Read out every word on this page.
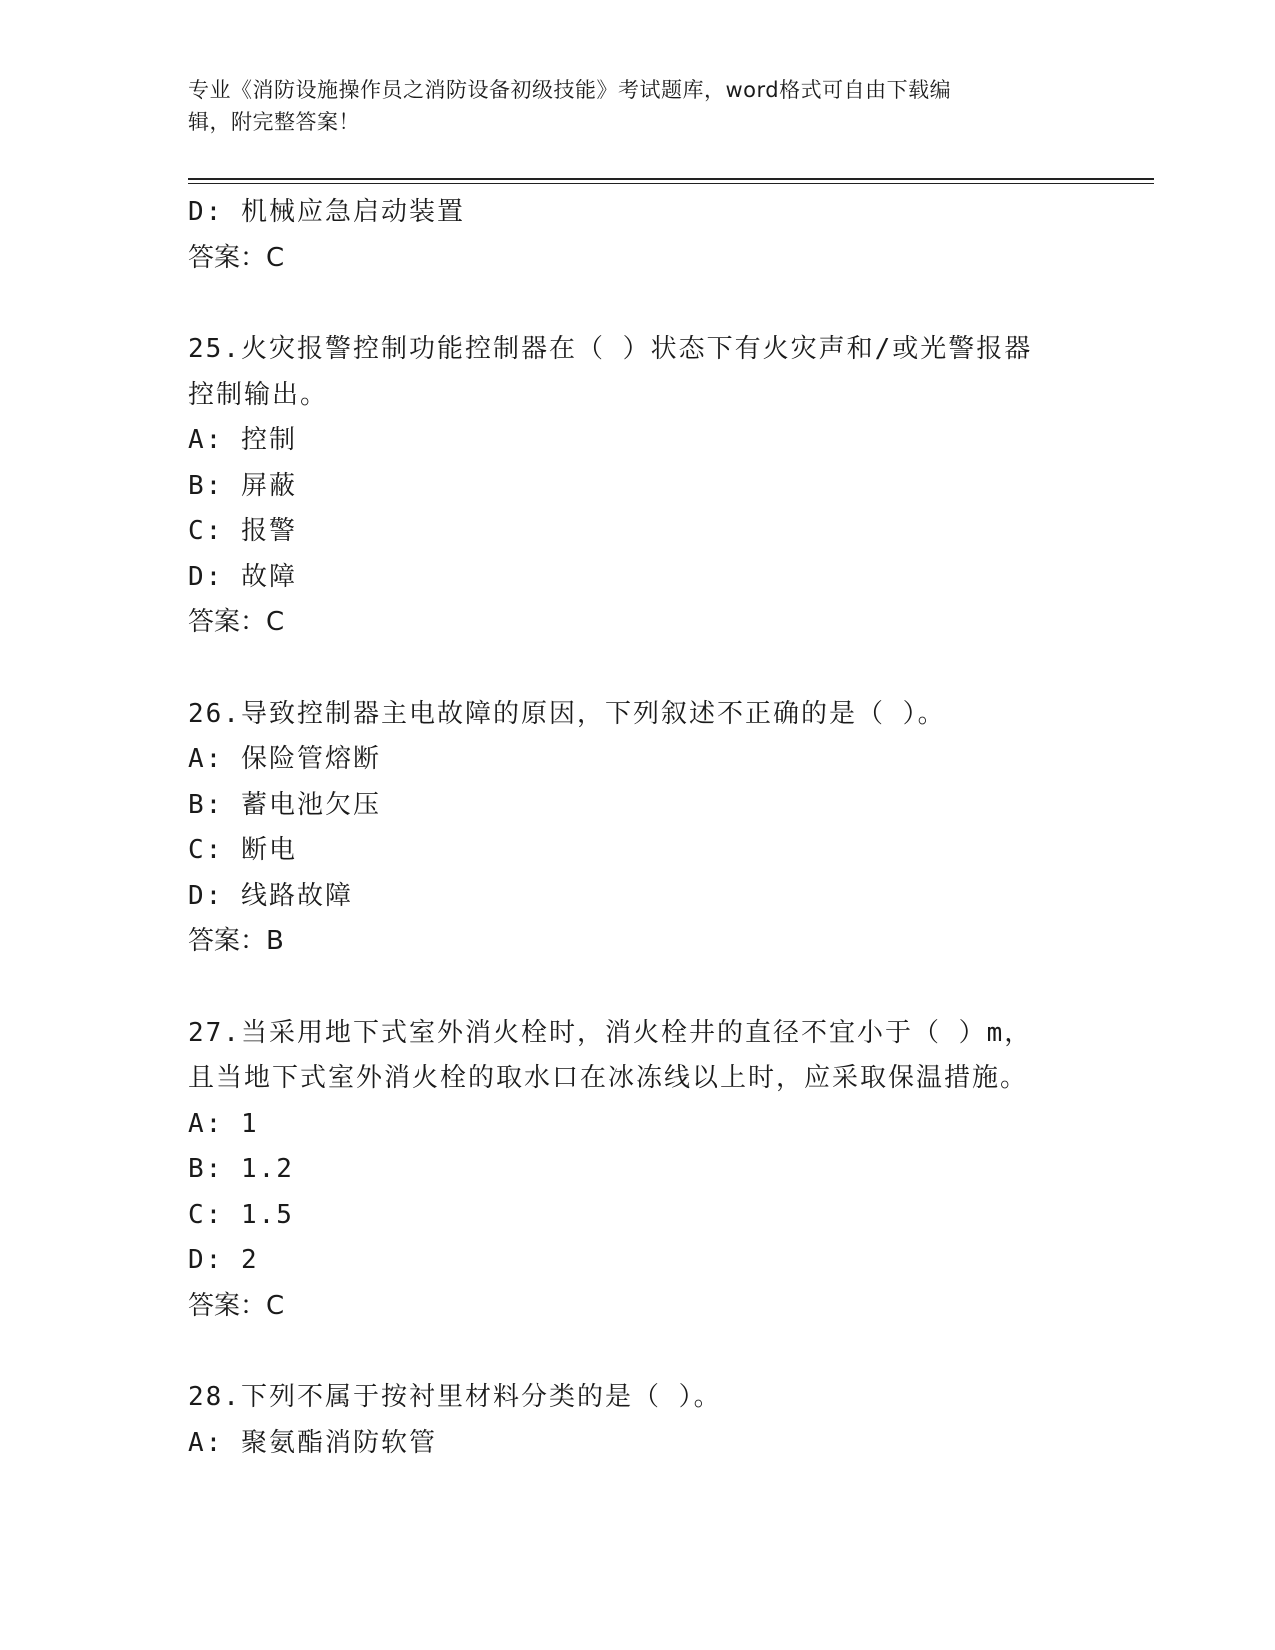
专业《消防设施操作员之消防设备初级技能》考试题库，word格式可自由下载编
辑，附完整答案！
D: 机械应急启动装置
答案：C
25.火灾报警控制功能控制器在（ ）状态下有火灾声和/或光警报器
控制输出。
A: 控制
B: 屏蔽
C: 报警
D: 故障
答案：C
26.导致控制器主电故障的原因，下列叙述不正确的是（ ）。
A: 保险管熔断
B: 蓄电池欠压
C: 断电
D: 线路故障
答案：B
27.当采用地下式室外消火栓时，消火栓井的直径不宜小于（ ）m，
且当地下式室外消火栓的取水口在冰冻线以上时，应采取保温措施。
A: 1
B: 1.2
C: 1.5
D: 2
答案：C
28.下列不属于按衬里材料分类的是（ ）。
A: 聚氨酯消防软管
